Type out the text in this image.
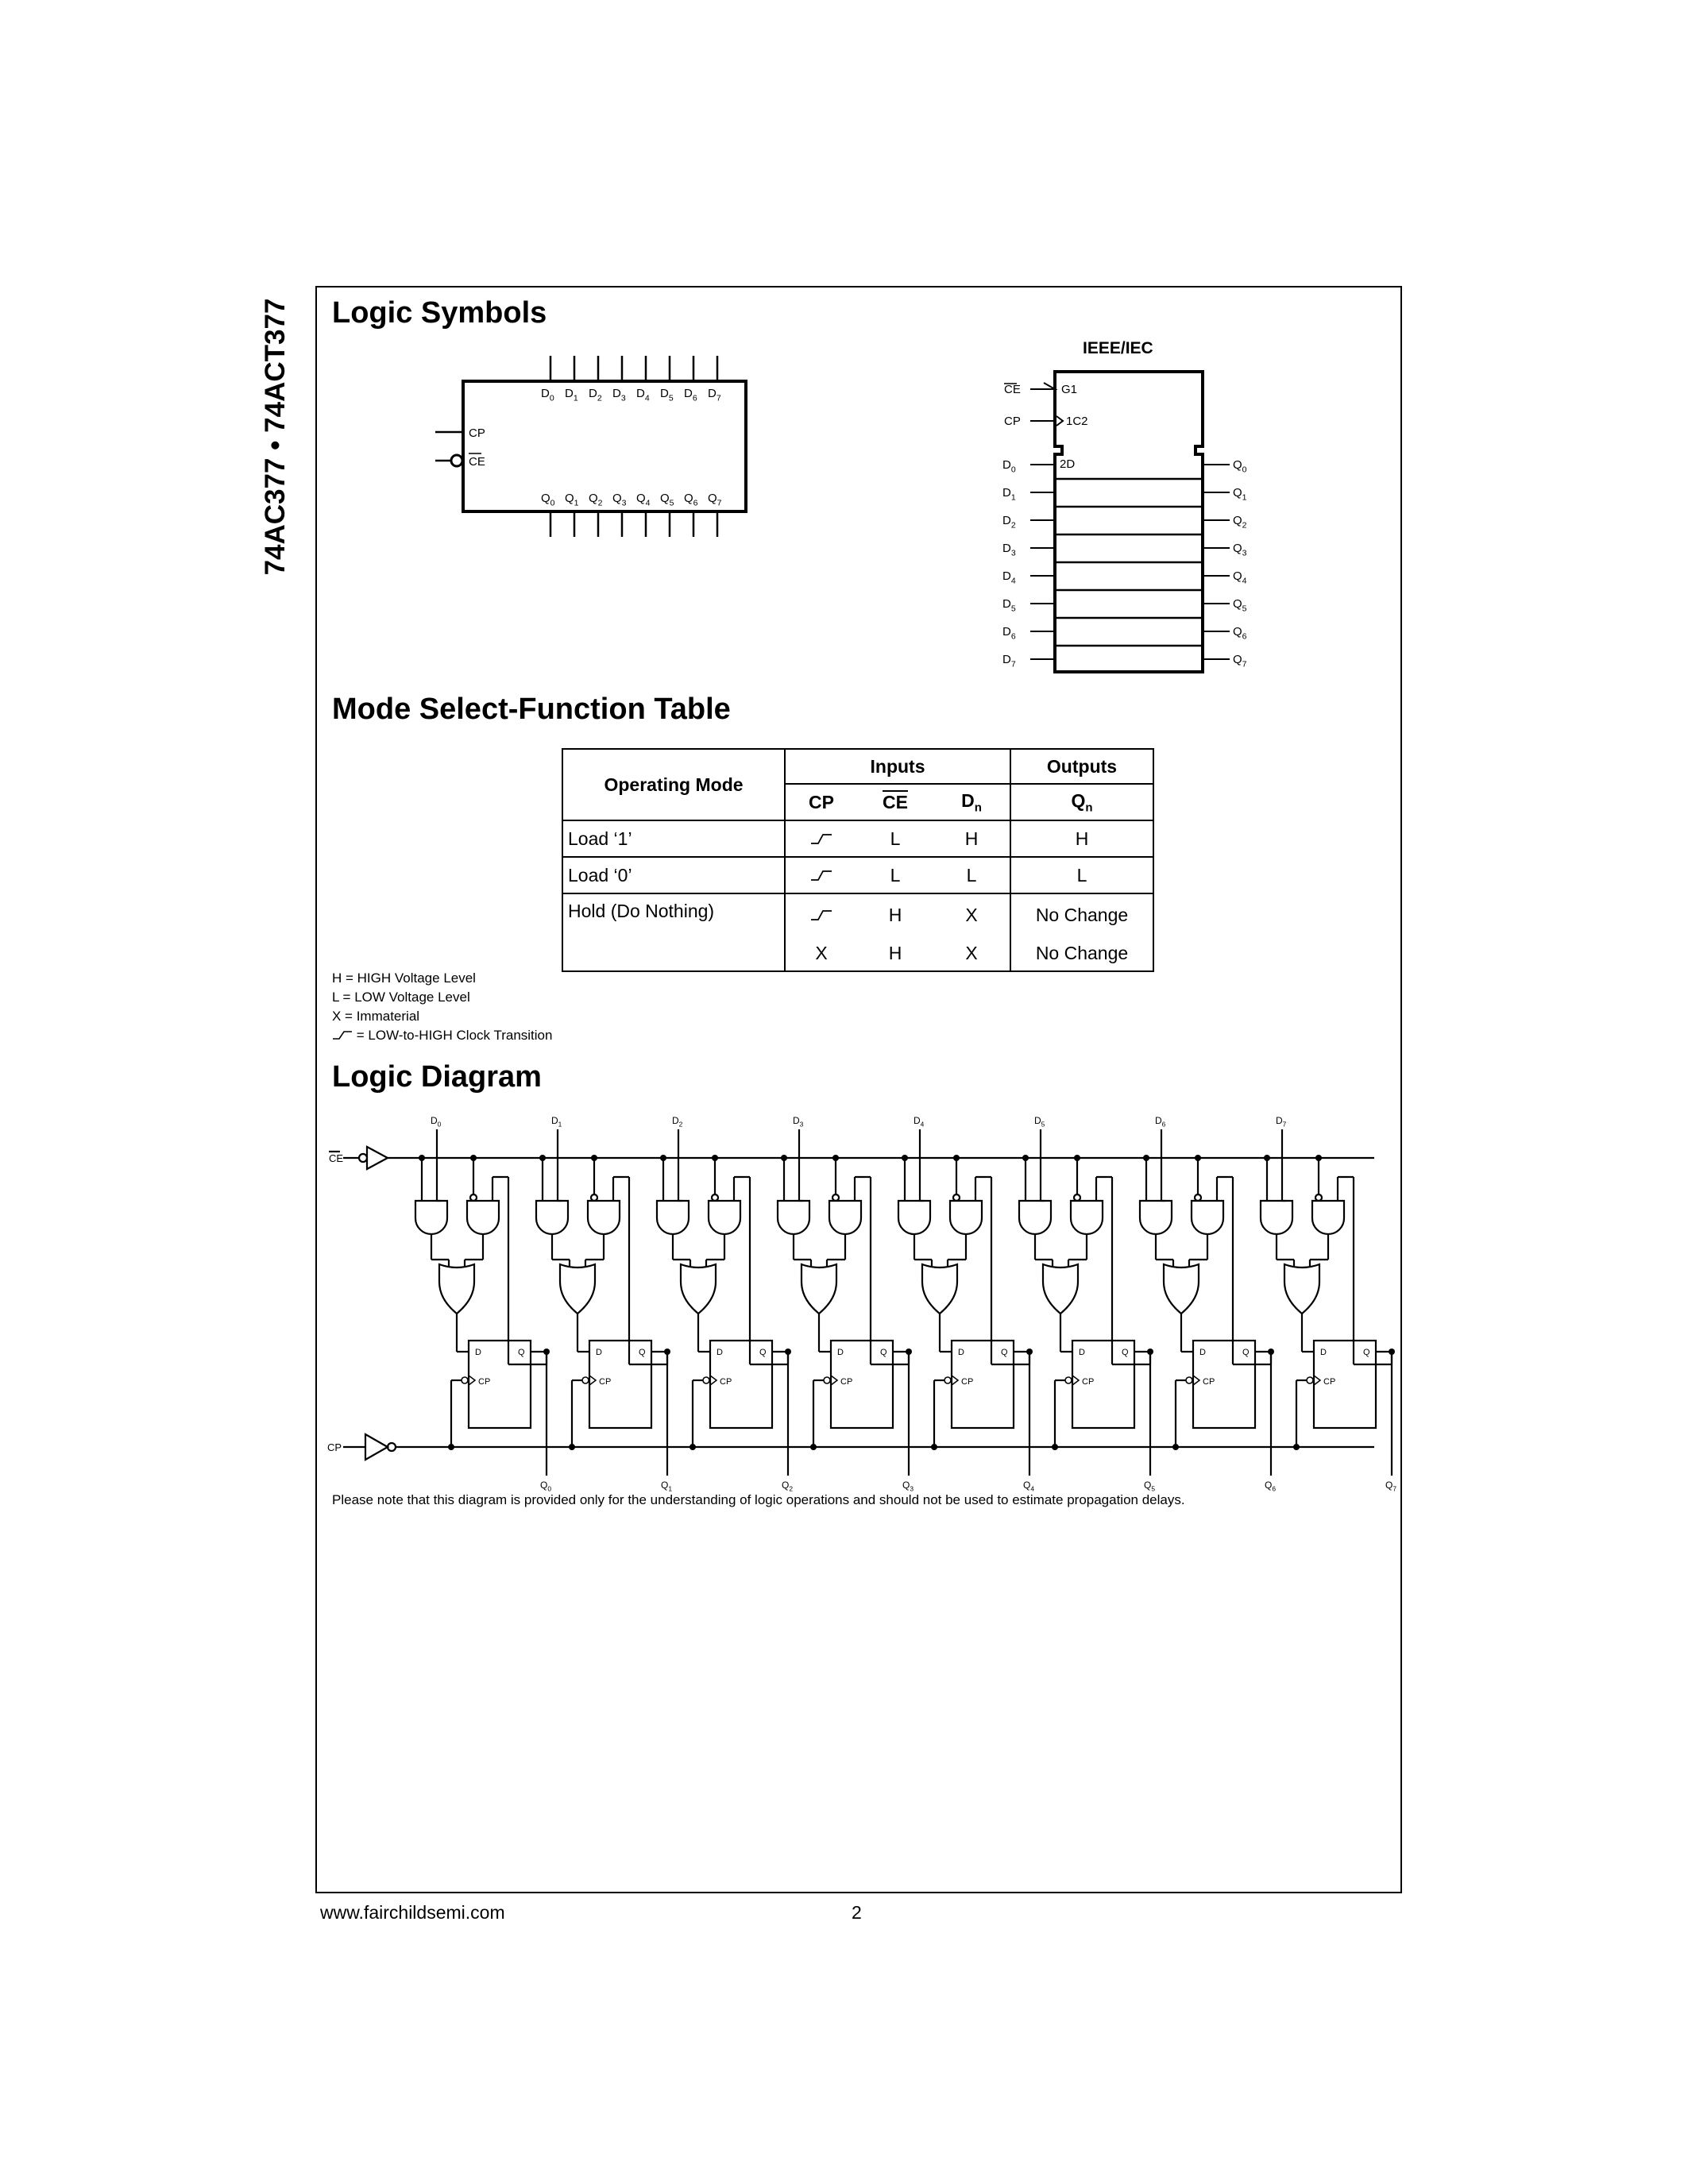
74AC377 • 74ACT377 Logic Symbols
Mode Select-Function Table
Logic Diagram
$D_0$ $D_1$ $D_2$ $D_3$ $D_4$ $D_5$ $D_6$ $D_7$
$Q_0$ $Q_1$ $Q_2$ $Q_3$ $Q_4$ $Q_5$ $Q_6$ $Q_7$
CP
CE
IEEE/IEC
CE	G1
CP	1C2
2D
$D_0$	$Q_0$
$D_1$	$Q_1$
$D_2$	$Q_2$
$D_3$	$Q_3$
$D_4$	$Q_4$
$D_5$	$Q_5$
$D_6$	$Q_6$
$D_7$	$Q_7$
Operating Mode	Inputs			Outputs
	CP	$\overline{CE}$	$D_n$	$Q_n$
Load ‘1’		L	H	H
Load ‘0’		L	L	L
Hold (Do Nothing)		H	X	No Change
	X	H	X	No Change
H = HIGH Voltage Level
L = LOW Voltage Level
X = Immaterial
= LOW-to-HIGH Clock Transition
CE
CP
$D_0$
D	Q
CP
$Q_0$
$D_1$
D	Q
CP
$Q_1$
$D_2$
D	Q
CP
$Q_2$
$D_3$
D	Q
CP
$Q_3$
$D_4$
D	Q
CP
$Q_4$
$D_5$
D	Q
CP
$Q_5$
$D_6$
D	Q
CP
$Q_6$
$D_7$
D	Q
CP
$Q_7$
Please note that this diagram is provided only for the understanding of logic operations and should not be used to estimate propagation delays.
www.fairchildsemi.com	2
